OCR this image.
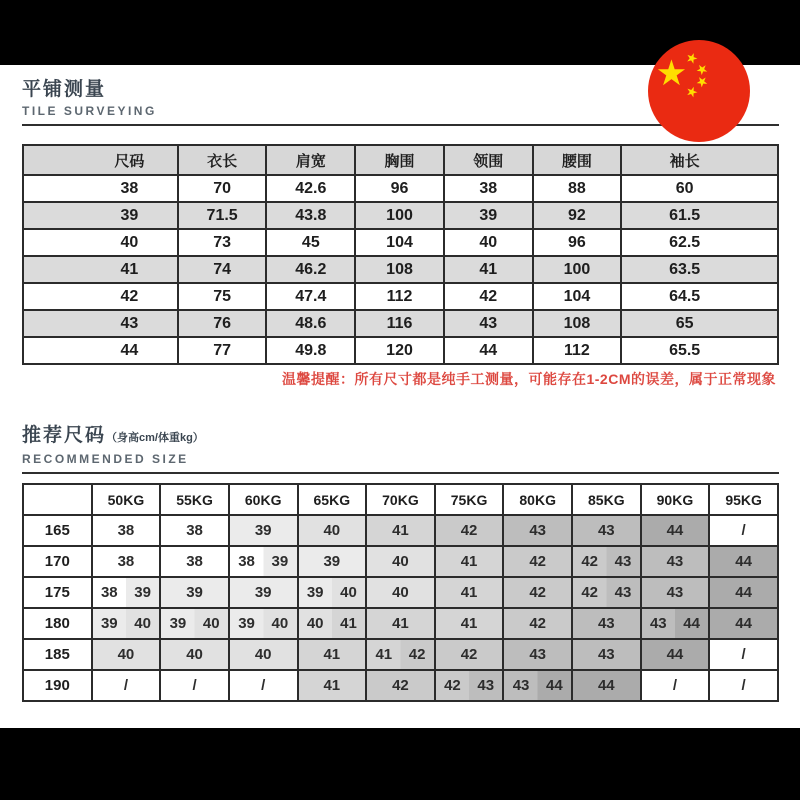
平铺测量
TILE SURVEYING
尺码	衣长	肩宽	胸围	领围	腰围	袖长
38	70	42.6	96	38	88	60
39	71.5	43.8	100	39	92	61.5
40	73	45	104	40	96	62.5
41	74	46.2	108	41	100	63.5
42	75	47.4	112	42	104	64.5
43	76	48.6	116	43	108	65
44	77	49.8	120	44	112	65.5
温馨提醒：所有尺寸都是纯手工测量，可能存在1-2CM的误差，属于正常现象
推荐尺码（身高cm/体重kg）
RECOMMENDED SIZE
	50KG	55KG	60KG	65KG	70KG	75KG	80KG	85KG	90KG	95KG
165	38	38	39	40	41	42	43	43	44	/
170	38	38	38 39	39	40	41	42	42 43	43	44
175	38 39	39	39	39 40	40	41	42	42 43	43	44
180	39 40	39 40	39 40	40 41	41	41	42	43	43 44	44
185	40	40	40	41	41 42	42	43	43	44	/
190	/	/	/	41	42	42 43	43 44	44	/	/
